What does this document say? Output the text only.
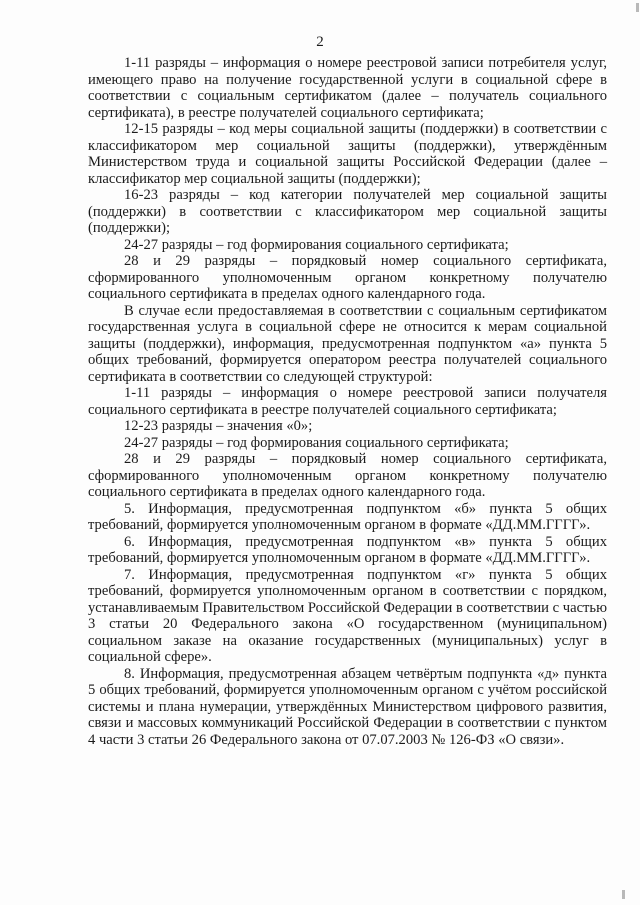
2

1-11 разряды – информация о номере реестровой записи потребителя услуг, имеющего право на получение государственной услуги в социальной сфере в соответствии с социальным сертификатом (далее – получатель социального сертификата), в реестре получателей социального сертификата;

12-15 разряды – код меры социальной защиты (поддержки) в соответствии с классификатором мер социальной защиты (поддержки), утверждённым Министерством труда и социальной защиты Российской Федерации (далее – классификатор мер социальной защиты (поддержки);

16-23 разряды – код категории получателей мер социальной защиты (поддержки) в соответствии с классификатором мер социальной защиты (поддержки);

24-27 разряды – год формирования социального сертификата;

28 и 29 разряды – порядковый номер социального сертификата, сформированного уполномоченным органом конкретному получателю социального сертификата в пределах одного календарного года.

В случае если предоставляемая в соответствии с социальным сертификатом государственная услуга в социальной сфере не относится к мерам социальной защиты (поддержки), информация, предусмотренная подпунктом «а» пункта 5 общих требований, формируется оператором реестра получателей социального сертификата в соответствии со следующей структурой:

1-11 разряды – информация о номере реестровой записи получателя социального сертификата в реестре получателей социального сертификата;

12-23 разряды – значения «0»;

24-27 разряды – год формирования социального сертификата;

28 и 29 разряды – порядковый номер социального сертификата, сформированного уполномоченным органом конкретному получателю социального сертификата в пределах одного календарного года.

5. Информация, предусмотренная подпунктом «б» пункта 5 общих требований, формируется уполномоченным органом в формате «ДД.ММ.ГГГГ».

6. Информация, предусмотренная подпунктом «в» пункта 5 общих требований, формируется уполномоченным органом в формате «ДД.ММ.ГГГГ».

7. Информация, предусмотренная подпунктом «г» пункта 5 общих требований, формируется уполномоченным органом в соответствии с порядком, устанавливаемым Правительством Российской Федерации в соответствии с частью 3 статьи 20 Федерального закона «О государственном (муниципальном) социальном заказе на оказание государственных (муниципальных) услуг в социальной сфере».

8. Информация, предусмотренная абзацем четвёртым подпункта «д» пункта 5 общих требований, формируется уполномоченным органом с учётом российской системы и плана нумерации, утверждённых Министерством цифрового развития, связи и массовых коммуникаций Российской Федерации в соответствии с пунктом 4 части 3 статьи 26 Федерального закона от 07.07.2003 № 126-ФЗ «О связи».
